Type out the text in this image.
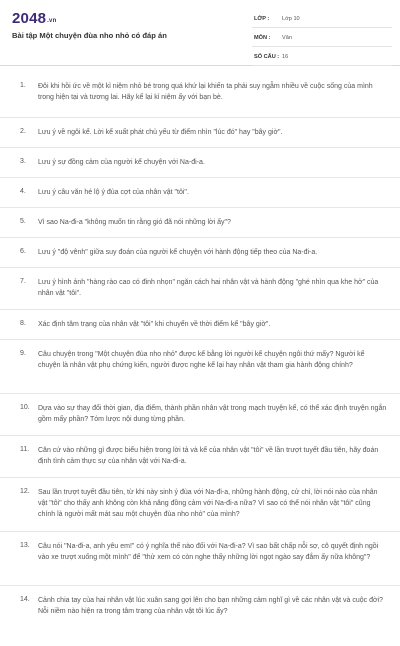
2048.vn
Bài tập Một chuyện đùa nho nhỏ có đáp án
LỚP : Lớp 10
MÔN : Văn
SỐ CÂU : 16
1. Đôi khi hồi ức về một kỉ niệm nhỏ bé trong quá khứ lại khiến ta phải suy ngẫm nhiều về cuộc sống của mình trong hiện tại và tương lai. Hãy kể lại kỉ niệm ấy với bạn bè.
2. Lưu ý về ngôi kể. Lời kể xuất phát chủ yếu từ điểm nhìn "lúc đó" hay "bây giờ".
3. Lưu ý sự đồng cảm của người kể chuyện với Na-đi-a.
4. Lưu ý câu văn hé lộ ý đùa cợt của nhân vật "tôi".
5. Vì sao Na-đi-a "không muốn tin rằng gió đã nói những lời ấy"?
6. Lưu ý "độ vênh" giữa suy đoán của người kể chuyện với hành động tiếp theo của Na-đi-a.
7. Lưu ý hình ảnh "hàng rào cao có đinh nhọn" ngăn cách hai nhân vật và hành động "ghé nhìn qua khe hở" của nhân vật "tôi".
8. Xác định tâm trạng của nhân vật "tôi" khi chuyển về thời điểm kể "bây giờ".
9. Câu chuyện trong "Một chuyện đùa nho nhỏ" được kể bằng lời người kể chuyện ngôi thứ mấy? Người kể chuyện là nhân vật phụ chứng kiến, người được nghe kể lại hay nhân vật tham gia hành động chính?
10. Dựa vào sự thay đổi thời gian, địa điểm, thành phần nhân vật trong mạch truyện kể, có thể xác định truyện ngắn gồm mấy phần? Tóm lược nội dung từng phần.
11. Căn cứ vào những gì được biểu hiện trong lời tả và kể của nhân vật "tôi" về lần trượt tuyết đầu tiên, hãy đoán định tình cảm thực sự của nhân vật với Na-đi-a.
12. Sau lần trượt tuyết đầu tiên, từ khi này sinh ý đùa với Na-đi-a, những hành động, cử chỉ, lời nói nào của nhân vật "tôi" cho thấy anh không còn khả năng đồng cảm với Na-đi-a nữa? Vì sao có thể nói nhân vật "tôi" cũng chính là người mất mát sau một chuyện đùa nho nhỏ" của mình?
13. Câu nói "Na-đi-a, anh yêu em!" có ý nghĩa thế nào đối với Na-đi-a? Vì sao bất chấp nỗi sợ, cô quyết định ngồi vào xe trượt xuống một mình" để "thử xem có còn nghe thấy những lời ngọt ngào say đắm ấy nữa không"?
14. Cảnh chia tay của hai nhân vật lúc xuân sang gợi lên cho bạn những cảm nghĩ gì về các nhân vật và cuộc đời? Nỗi niềm nào hiện ra trong tâm trạng của nhân vật tôi lúc ấy?
